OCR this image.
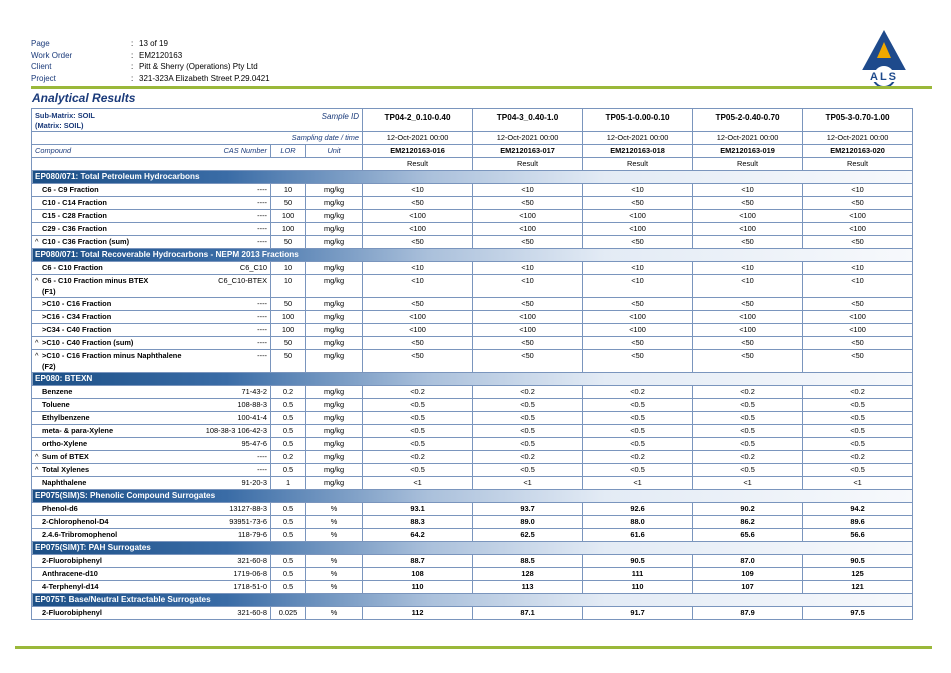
Page	: 13 of 19
Work Order	: EM2120163
Client	: Pitt & Sherry (Operations) Pty Ltd
Project	: 321-323A Elizabeth Street P.29.0421	ALS
Analytical Results
Sub-Matrix: SOIL
(Matrix: SOIL)		Sample ID		TP04-2_0.10-0.40	TP04-3_0.40-1.0	TP05-1-0.00-0.10	TP05-2-0.40-0.70	TP05-3-0.70-1.00

Sampling date / time				12-Oct-2021 00:00	12-Oct-2021 00:00	12-Oct-2021 00:00	12-Oct-2021 00:00	12-Oct-2021 00:00
Compound	CAS Number	LOR	Unit	EM2120163-016	EM2120163-017	EM2120163-018	EM2120163-019	EM2120163-020
				Result	Result	Result	Result	Result
EP080/071: Total Petroleum Hydrocarbons								
C6 - C9 Fraction	----	10	mg/kg	<10	<10	<10	<10	<10
C10 - C14 Fraction	----	50	mg/kg	<50	<50	<50	<50	<50
C15 - C28 Fraction	----	100	mg/kg	<100	<100	<100	<100	<100
C29 - C36 Fraction	----	100	mg/kg	<100	<100	<100	<100	<100

^ C10 - C36 Fraction (sum)	----	50	mg/kg	<50	<50	<50	<50	<50
EP080/071: Total Recoverable Hydrocarbons - NEPM 2013 Fractions								
C6 - C10 Fraction	C6_C10	10	mg/kg	<10	<10	<10	<10	<10

^ C6 - C10 Fraction minus BTEX
(F1)	C6_C10-BTEX	10	mg/kg	<10	<10	<10	<10	<10
>C10 - C16 Fraction	----	50	mg/kg	<50	<50	<50	<50	<50
>C16 - C34 Fraction	----	100	mg/kg	<100	<100	<100	<100	<100
>C34 - C40 Fraction	----	100	mg/kg	<100	<100	<100	<100	<100

^ >C10 - C40 Fraction (sum)	----	50	mg/kg	<50	<50	<50	<50	<50

^ >C10 - C16 Fraction minus Naphthalene
(F2)	----	50	mg/kg	<50	<50	<50	<50	<50
EP080: BTEXN								
Benzene	71-43-2	0.2	mg/kg	<0.2	<0.2	<0.2	<0.2	<0.2
Toluene	108-88-3	0.5	mg/kg	<0.5	<0.5	<0.5	<0.5	<0.5
Ethylbenzene	100-41-4	0.5	mg/kg	<0.5	<0.5	<0.5	<0.5	<0.5
meta- & para-Xylene	108-38-3 106-42-3	0.5	mg/kg	<0.5	<0.5	<0.5	<0.5	<0.5
ortho-Xylene	95-47-6	0.5	mg/kg	<0.5	<0.5	<0.5	<0.5	<0.5

^ Sum of BTEX	----	0.2	mg/kg	<0.2	<0.2	<0.2	<0.2	<0.2

^ Total Xylenes	----	0.5	mg/kg	<0.5	<0.5	<0.5	<0.5	<0.5
Naphthalene	91-20-3	1	mg/kg	<1	<1	<1	<1	<1
EP075(SIM)S: Phenolic Compound Surrogates								
Phenol-d6	13127-88-3	0.5	%	93.1	93.7	92.6	90.2	94.2
2-Chlorophenol-D4	93951-73-6	0.5	%	88.3	89.0	88.0	86.2	89.6
2.4.6-Tribromophenol	118-79-6	0.5	%	64.2	62.5	61.6	65.6	56.6
EP075(SIM)T: PAH Surrogates								
2-Fluorobiphenyl	321-60-8	0.5	%	88.7	88.5	90.5	87.0	90.5
Anthracene-d10	1719-06-8	0.5	%	108	128	111	109	125
4-Terphenyl-d14	1718-51-0	0.5	%	110	113	110	107	121
EP075T: Base/Neutral Extractable Surrogates								
2-Fluorobiphenyl	321-60-8	0.025	%	112	87.1	91.7	87.9	97.5
